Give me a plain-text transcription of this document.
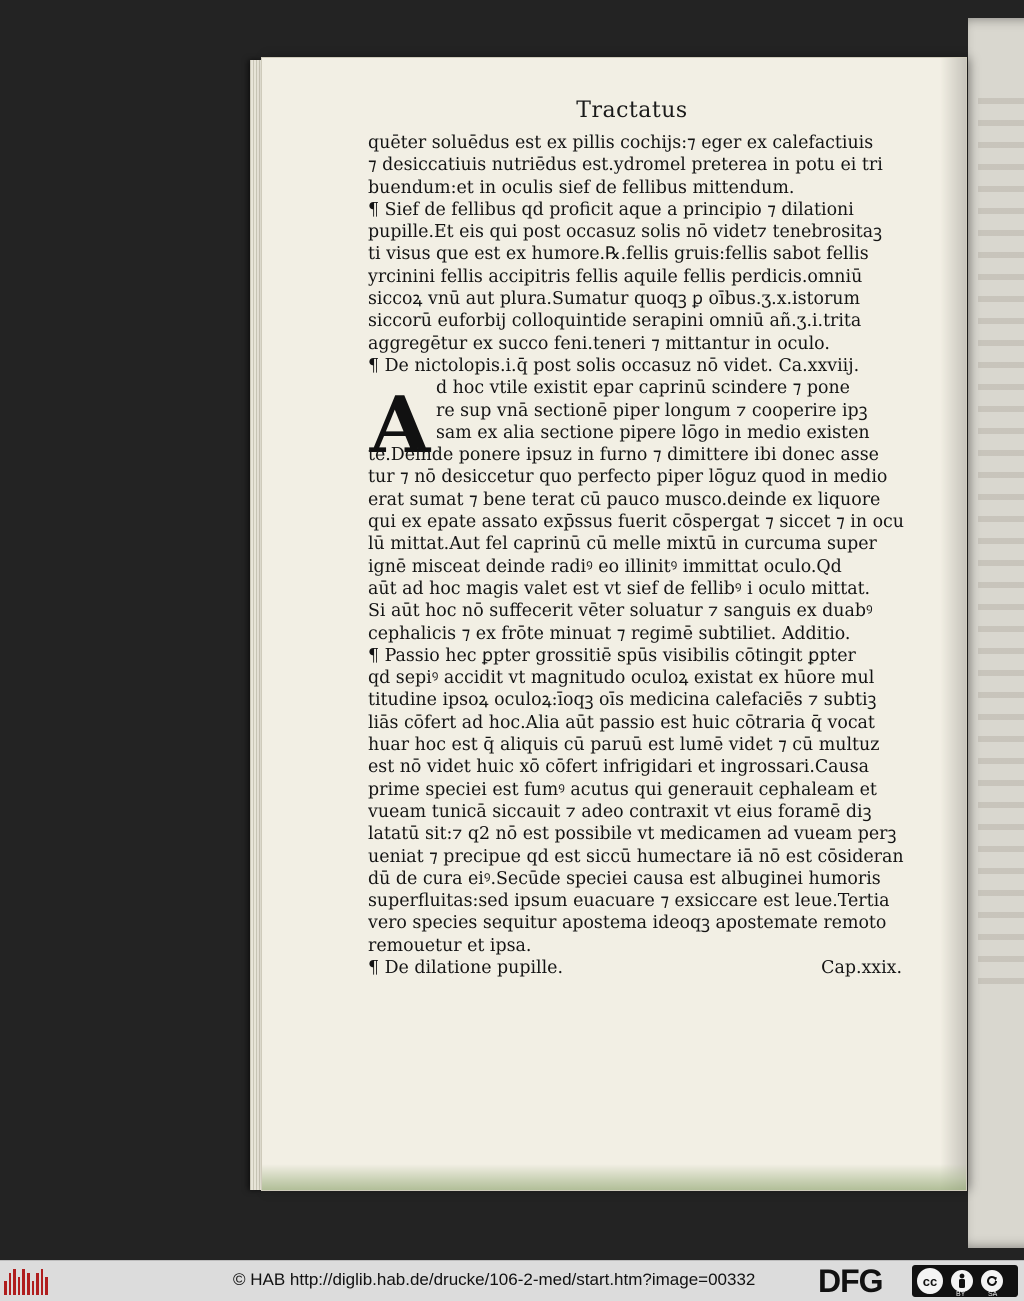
Tractatus
A
quēter soluēdus est ex pillis cochijs:⁊ eger ex calefactiuis
⁊ desiccatiuis nutriēdus est.ydromel preterea in potu ei tri
buendum:et in oculis sief de fellibus mittendum.
¶ Sief de fellibus qd̄ proficit aque a principio ⁊ dilationi
pupille.Et eis qui post occasuz solis nō videt⁊ tenebrositaꝫ
ti visus que est ex humore.℞.fellis gruis:fellis sabot fellis
yrcinini fellis accipitris fellis aquile fellis perdicis.omniū
siccoꝝ vnū aut plura.Sumatur quoqꝫ ꝑ oībus.ʒ.x.istorum
siccorū euforbij colloquintide serapini omniū añ.ʒ.i.trita
aggregētur ex succo feni.teneri ⁊ mittantur in oculo.
¶ De nictolopis.i.q̄ post solis occasuz nō videt. Ca.xxviij.
d hoc vtile existit epar caprinū scindere ⁊ pone
re sup vnā sectionē piper longum ⁊ cooperire ipꝫ
sam ex alia sectione pipere lōgo in medio existen
te.Deinde ponere ipsuz in furno ⁊ dimittere ibi donec asse
tur ⁊ nō desiccetur quo perfecto piper lōguz quod in medio
erat sumat ⁊ bene terat cū pauco musco.deinde ex liquore
qui ex epate assato exp̄ssus fuerit cōspergat ⁊ siccet ⁊ in ocu
lū mittat.Aut fel caprinū cū melle mixtū in curcuma super
ignē misceat deinde radiꝰ eo illinitꝰ immittat oculo.Qd̄
aūt ad hoc magis valet est vt sief de fellibꝰ i oculo mittat.
Si aūt hoc nō suffecerit vēter soluatur ⁊ sanguis ex duabꝰ
cephalicis ⁊ ex frōte minuat ⁊ regimē subtiliet. Additio.
¶ Passio hec ꝑpter grossitiē spūs visibilis cōtingit ꝑpter
qd̄ sepiꝰ accidit vt magnitudo oculoꝝ existat ex hūore mul
titudine ipsoꝝ oculoꝝ:īoqꝫ oīs medicina calefaciēs ⁊ subtiꝫ
liās cōfert ad hoc.Alia aūt passio est huic cōtraria q̄ vocat
huar hoc est q̄ aliquis cū paruū est lumē videt ⁊ cū multuz
est nō videt huic xō cōfert infrigidari et ingrossari.Causa
prime speciei est fumꝰ acutus qui generauit cephaleam et
vueam tunicā siccauit ⁊ adeo contraxit vt eius foramē diꝫ
latatū sit:⁊ q2 nō est possibile vt medicamen ad vueam perꝫ
ueniat ⁊ precipue qd̄ est siccū humectare iā nō est cōsideran
dū de cura eiꝰ.Secūde speciei causa est albuginei humoris
superfluitas:sed ipsum euacuare ⁊ exsiccare est leue.Tertia
vero species sequitur apostema ideoqꝫ apostemate remoto
remouetur et ipsa.
¶ De dilatione pupille.	Cap.xxix.
© HAB http://diglib.hab.de/drucke/106-2-med/start.htm?image=00332 DFG	cc
BY	SA
